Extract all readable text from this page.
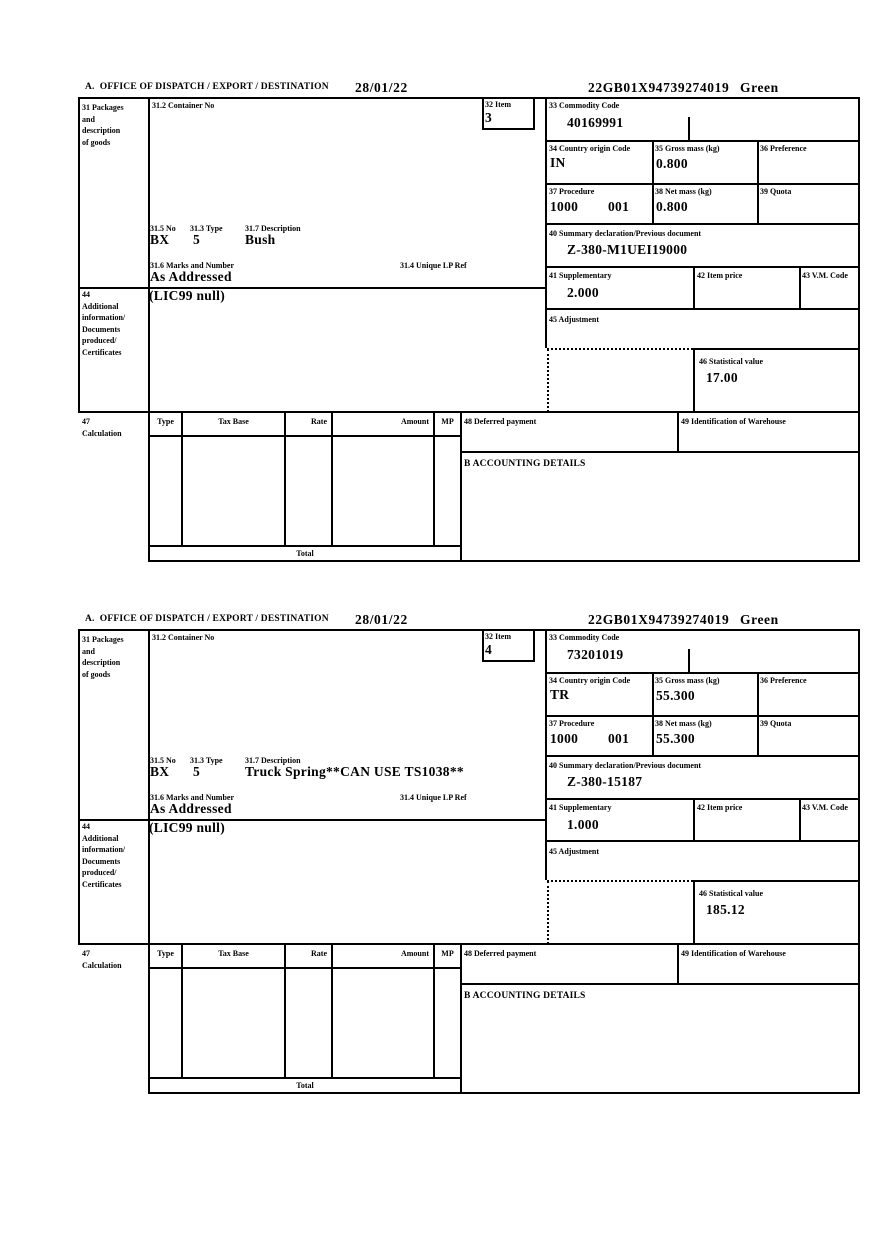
A.  OFFICE OF DISPATCH / EXPORT / DESTINATION 28/01/22	22GB01X94739274019 Green
31 Packages
and
description
of goods
31.2 Container No	32 Item
3
33 Commodity Code
40169991
34 Country origin Code
IN
35 Gross mass (kg)
0.800
36 Preference
37 Procedure
1000 001
38 Net mass (kg)
0.800
39 Quota
40 Summary declaration/Previous document
Z-380-M1UEI19000
41 Supplementary
2.000
42 Item price	43 V.M. Code
45 Adjustment
46 Statistical value
17.00
31.5 No 31.3 Type	31.7 Description
BX 5	Bush
31.6 Marks and Number
As Addressed
31.4 Unique LP Ref
44
Additional
information/
Documents
produced/
Certificates
(LIC99 null)
47
Calculation
Type	Tax Base	Rate	Amount	MP	48 Deferred payment	49 Identification of Warehouse
B ACCOUNTING DETAILS
Total
A.  OFFICE OF DISPATCH / EXPORT / DESTINATION 28/01/22	22GB01X94739274019 Green
31 Packages
and
description
of goods
31.2 Container No	32 Item
4
33 Commodity Code
73201019
34 Country origin Code
TR
35 Gross mass (kg)
55.300
36 Preference
37 Procedure
1000 001
38 Net mass (kg)
55.300
39 Quota
40 Summary declaration/Previous document
Z-380-15187
41 Supplementary
1.000
42 Item price	43 V.M. Code
45 Adjustment
46 Statistical value
185.12
31.5 No 31.3 Type	31.7 Description
BX 5	Truck Spring**CAN USE TS1038**
31.6 Marks and Number
As Addressed
31.4 Unique LP Ref
44
Additional
information/
Documents
produced/
Certificates
(LIC99 null)
47
Calculation
Type	Tax Base	Rate	Amount	MP	48 Deferred payment	49 Identification of Warehouse
B ACCOUNTING DETAILS
Total
